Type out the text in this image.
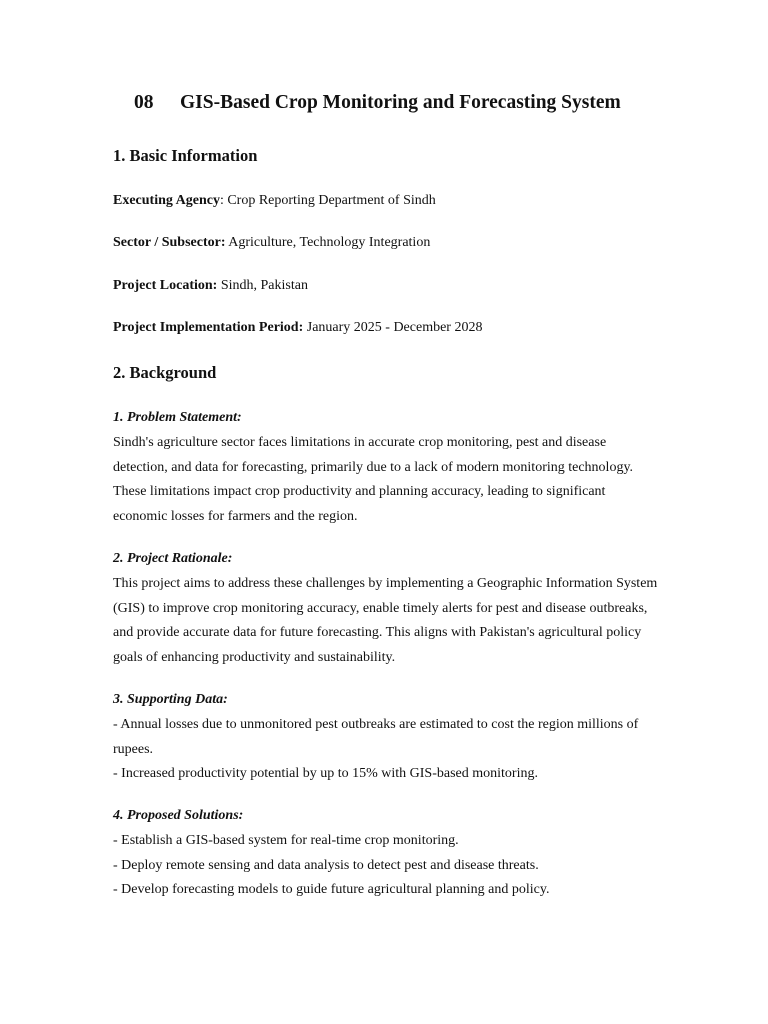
08 GIS-Based Crop Monitoring and Forecasting System
1. Basic Information
Executing Agency: Crop Reporting Department of Sindh
Sector / Subsector: Agriculture, Technology Integration
Project Location: Sindh, Pakistan
Project Implementation Period: January 2025 - December 2028
2. Background
1. Problem Statement:
Sindh's agriculture sector faces limitations in accurate crop monitoring, pest and disease detection, and data for forecasting, primarily due to a lack of modern monitoring technology. These limitations impact crop productivity and planning accuracy, leading to significant economic losses for farmers and the region.
2. Project Rationale:
This project aims to address these challenges by implementing a Geographic Information System (GIS) to improve crop monitoring accuracy, enable timely alerts for pest and disease outbreaks, and provide accurate data for future forecasting. This aligns with Pakistan's agricultural policy goals of enhancing productivity and sustainability.
3. Supporting Data:
- Annual losses due to unmonitored pest outbreaks are estimated to cost the region millions of rupees.
- Increased productivity potential by up to 15% with GIS-based monitoring.
4. Proposed Solutions:
- Establish a GIS-based system for real-time crop monitoring.
- Deploy remote sensing and data analysis to detect pest and disease threats.
- Develop forecasting models to guide future agricultural planning and policy.
